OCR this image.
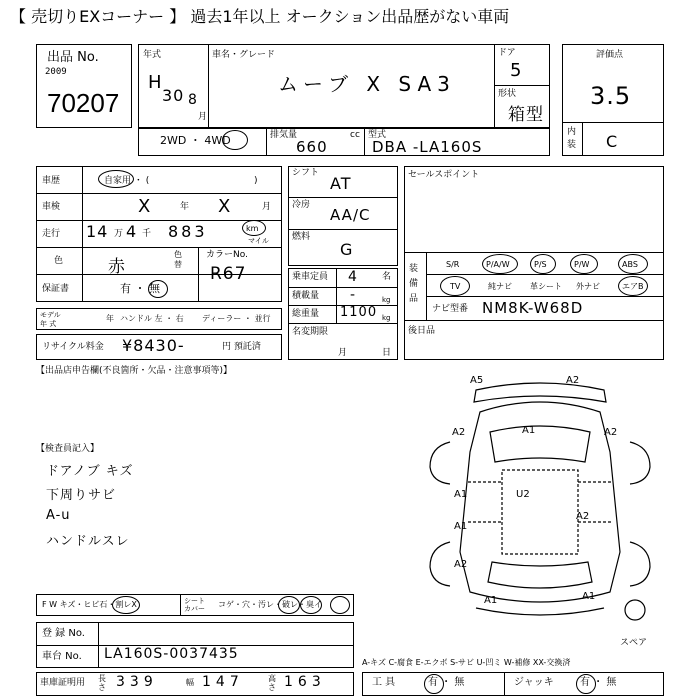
【 売切りEXコーナー 】 過去1年以上 オークション出品歴がない車両
出品 No.
2009
70207
年式
H
30 8
月
車名・グレード
ムーブ X SA3
ドア
5
形状
箱型
2WD ・ 4WD	排気量	cc
660
型式
DBA -LA160S
評価点
3.5
内装 C
車歴	自家用 ・ (	)
車検	X	年 X	月
走行 14 万 4 千 883	km
マイル
色	赤
色替
カラーNo.
R67
保証書	有 ・ 無
モデル
年 式
年 ハンドル 左 ・ 右 ディーラー ・ 並行
リサイクル料金 ¥8430-	円 預託済
シフト
AT
冷房
AA/C
燃料
G
乗車定員 4	名
積載量 -	kg
総重量 1100 kg
名変期限
月	日
セールスポイント
装備品
S/R	P/A/W	P/S	P/W	ABS
TV	純ナビ 革シート 外ナビ	エアB
ナビ型番 NM8K-W68D
後日品
【出品店申告欄(不良箇所・欠品・注意事項等)】
【検査員記入】
ドアノブ キズ
下周りサビ
A-u
ハンドルスレ
A5	A2
A2	A1	A2
A1	U2
A2
A1
A2
A1	A1
スペア
F W キズ・ヒビ石・割レX	シートカバー コゲ・穴・汚レ・破レ・臭イ
登 録 No.
車台 No. LA160S-0037435
A-キズ C-腐食 E-エクボ S-サビ U-凹ミ W-補修 XX-交換済
車庫証明用 長さ 339	幅 147	高さ 163	工 具	有 ・ 無	ジャッキ	有 ・ 無
